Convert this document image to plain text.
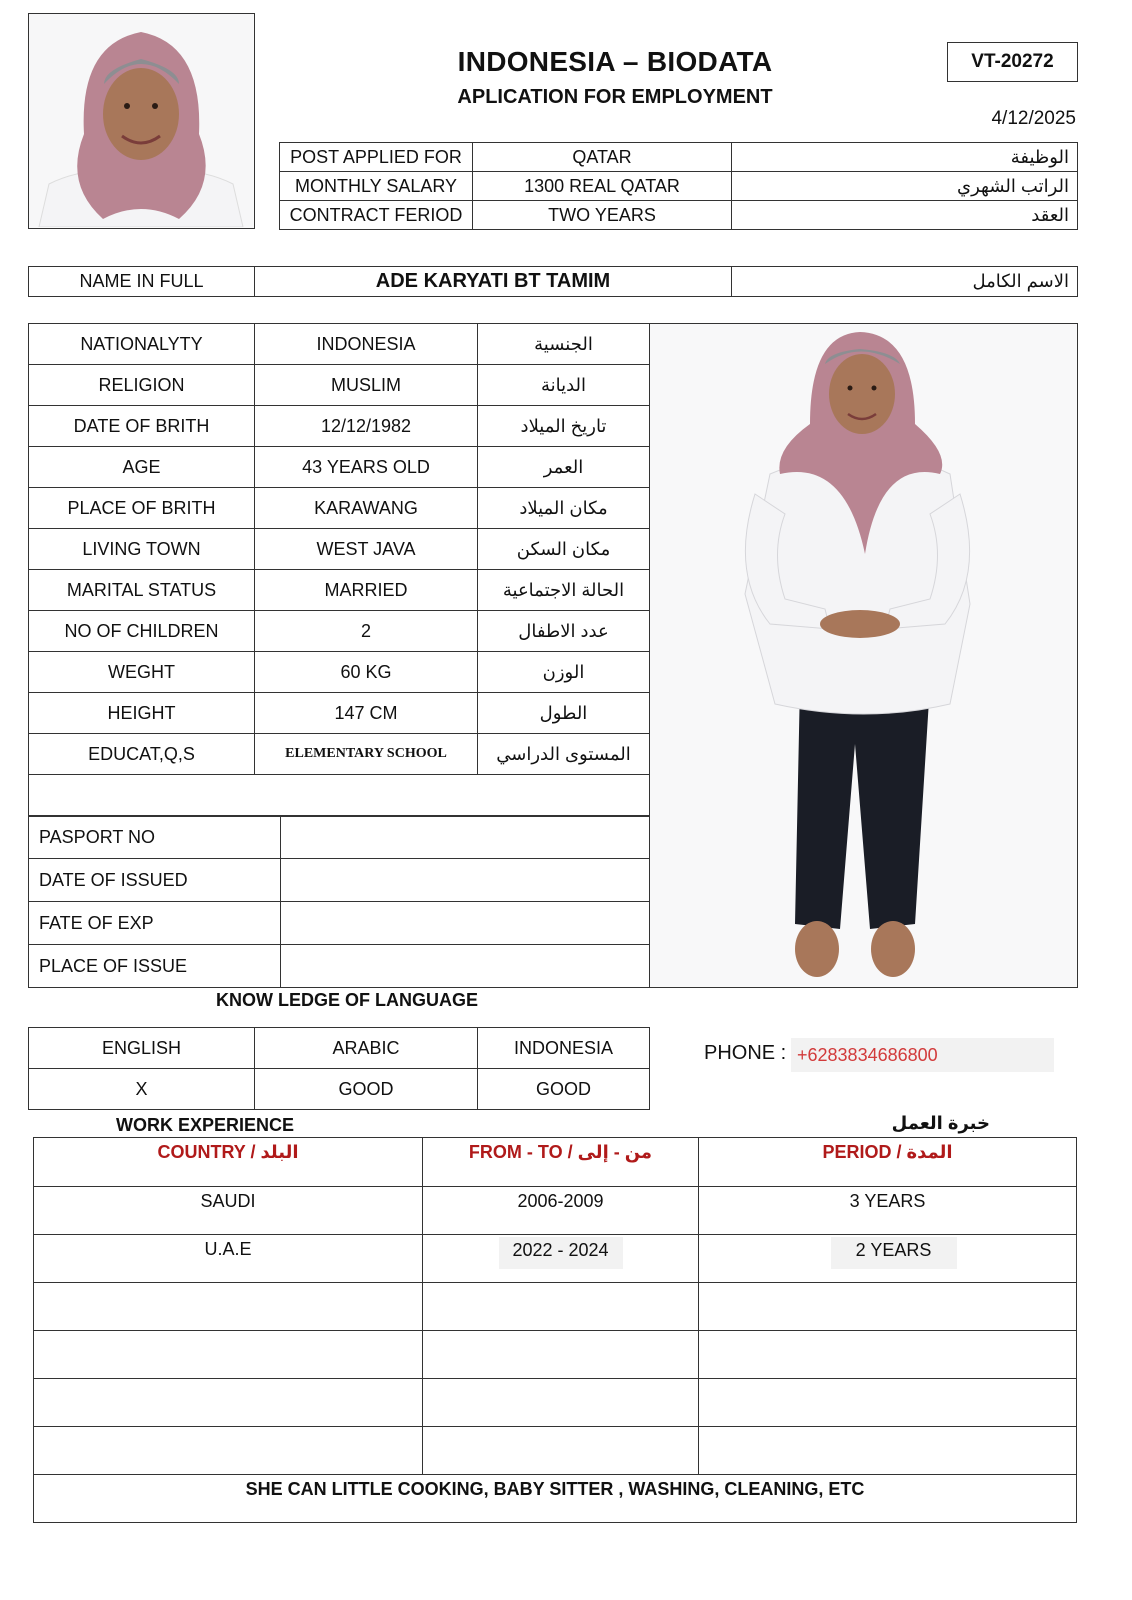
INDONESIA – BIODATA
APLICATION FOR EMPLOYMENT
VT-20272
4/12/2025
POST APPLIED FOR	QATAR	الوظيفة
MONTHLY SALARY	1300 REAL QATAR	الراتب الشهري
CONTRACT FERIOD	TWO YEARS	العقد
NAME IN FULL	ADE KARYATI BT TAMIM	الاسم الكامل
NATIONALYTY	INDONESIA	الجنسية
RELIGION	MUSLIM	الديانة
DATE OF BRITH	12/12/1982	تاريخ الميلاد
AGE	43 YEARS OLD	العمر
PLACE OF BRITH	KARAWANG	مكان الميلاد
LIVING TOWN	WEST JAVA	مكان السكن
MARITAL STATUS	MARRIED	الحالة الاجتماعية
NO OF CHILDREN	2	عدد الاطفال
WEGHT	60 KG	الوزن
HEIGHT	147 CM	الطول
EDUCAT,Q,S	ELEMENTARY SCHOOL	المستوى الدراسي

PASPORT NO	
DATE OF ISSUED	
FATE OF EXP	
PLACE OF ISSUE	
KNOW LEDGE OF LANGUAGE
ENGLISH	ARABIC	INDONESIA
X	GOOD	GOOD
PHONE : +6283834686800
WORK EXPERIENCE	خبرة العمل
COUNTRY / البلد	FROM - TO / من - إلى	PERIOD / المدة
SAUDI	2006-2009	3 YEARS
U.A.E	2022 - 2024	2 YEARS

SHE CAN LITTLE COOKING, BABY SITTER , WASHING, CLEANING, ETC		
